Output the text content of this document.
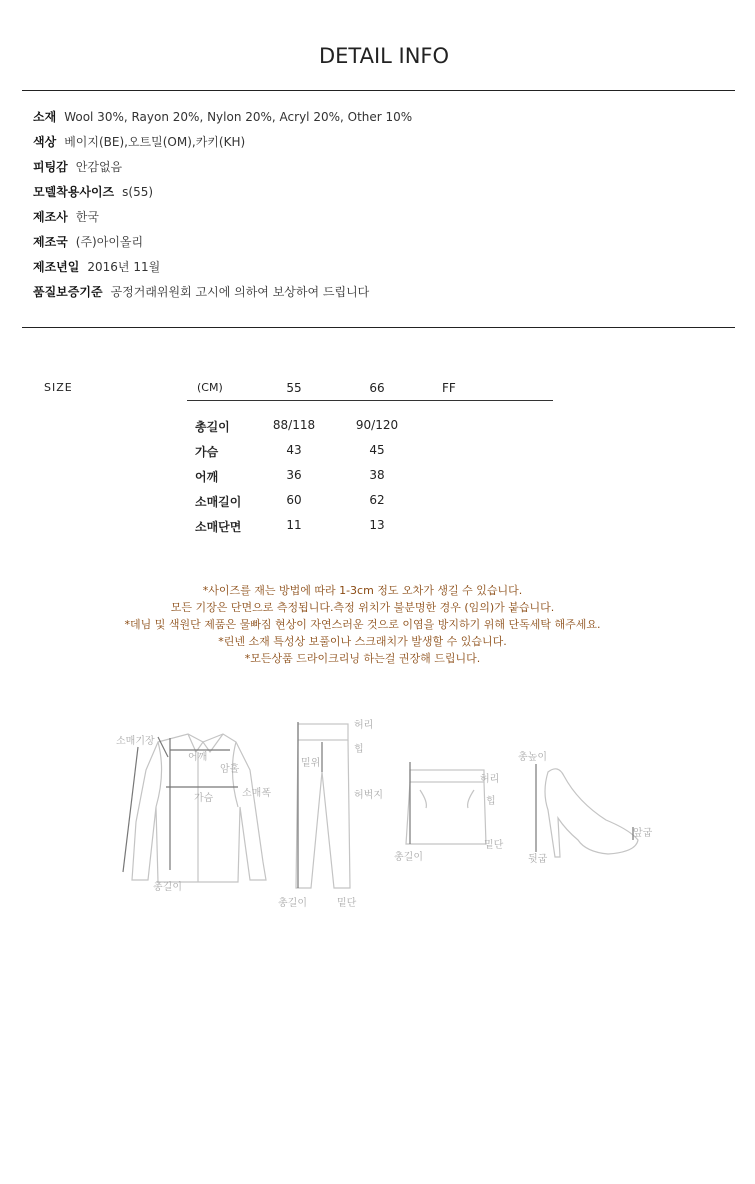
DETAIL INFO
소재 Wool 30%, Rayon 20%, Nylon 20%, Acryl 20%, Other 10%
색상 베이지(BE),오트밀(OM),카키(KH)
피팅감 안감없음
모델착용사이즈 s(55)
제조사 한국
제조국 (주)아이올리
제조년일 2016년 11월
품질보증기준 공정거래위원회 고시에 의하여 보상하여 드립니다
SIZE	(CM)	55	66	FF
총길이	88/118	90/120
가슴	43	45
어깨	36	38
소매길이	60	62
소매단면	11	13
*사이즈를 재는 방법에 따라 1-3cm 정도 오차가 생길 수 있습니다.
모든 기장은 단면으로 측정됩니다.측정 위치가 불분명한 경우 (임의)가 붙습니다.
*데님 및 색원단 제품은 물빠짐 현상이 자연스러운 것으로 이염을 방지하기 위해 단독세탁 해주세요.
*린넨 소재 특성상 보풀이나 스크래치가 발생할 수 있습니다.
*모든상품 드라이크리닝 하는걸 권장해 드립니다.
소매기장
어깨
암홀
가슴	소매폭
총길이
허리
힙
밑위
허벅지
총길이	밑단
허리
힙
총길이
밑단
총높이
뒷굽
앞굽
